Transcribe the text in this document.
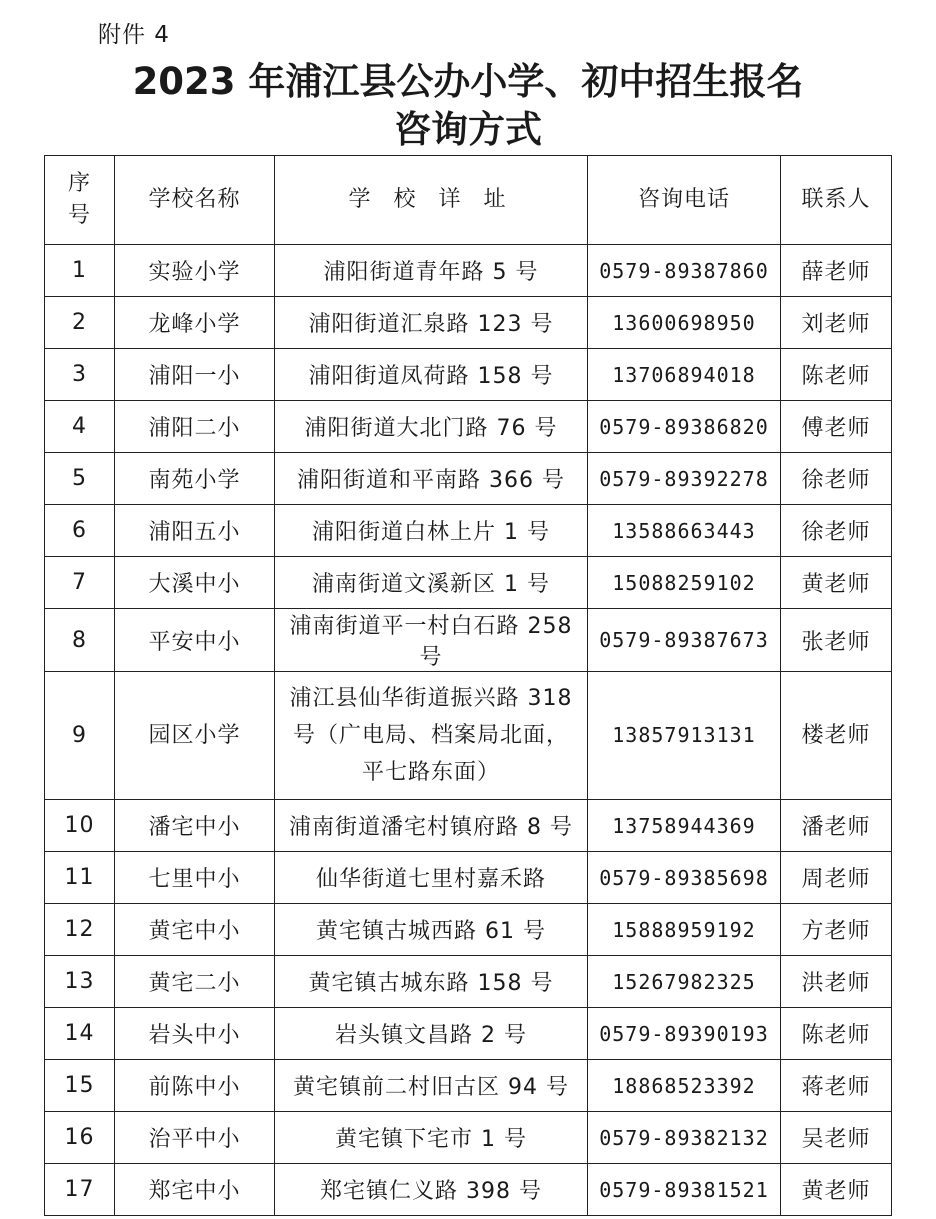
附件 4
2023 年浦江县公办小学、初中招生报名
咨询方式
序
号	学校名称	学 校 详 址	咨询电话	联系人
1	实验小学	浦阳街道青年路 5 号	0579-89387860	薛老师
2	龙峰小学	浦阳街道汇泉路 123 号	13600698950	刘老师
3	浦阳一小	浦阳街道凤荷路 158 号	13706894018	陈老师
4	浦阳二小	浦阳街道大北门路 76 号	0579-89386820	傅老师
5	南苑小学	浦阳街道和平南路 366 号	0579-89392278	徐老师
6	浦阳五小	浦阳街道白林上片 1 号	13588663443	徐老师
7	大溪中小	浦南街道文溪新区 1 号	15088259102	黄老师
8	平安中小	浦南街道平一村白石路 258 号	0579-89387673	张老师
9	园区小学	浦江县仙华街道振兴路 318
号（广电局、档案局北面，
平七路东面）	13857913131	楼老师
10	潘宅中小	浦南街道潘宅村镇府路 8 号	13758944369	潘老师
11	七里中小	仙华街道七里村嘉禾路	0579-89385698	周老师
12	黄宅中小	黄宅镇古城西路 61 号	15888959192	方老师
13	黄宅二小	黄宅镇古城东路 158 号	15267982325	洪老师
14	岩头中小	岩头镇文昌路 2 号	0579-89390193	陈老师
15	前陈中小	黄宅镇前二村旧古区 94 号	18868523392	蒋老师
16	治平中小	黄宅镇下宅市 1 号	0579-89382132	吴老师
17	郑宅中小	郑宅镇仁义路 398 号	0579-89381521	黄老师
